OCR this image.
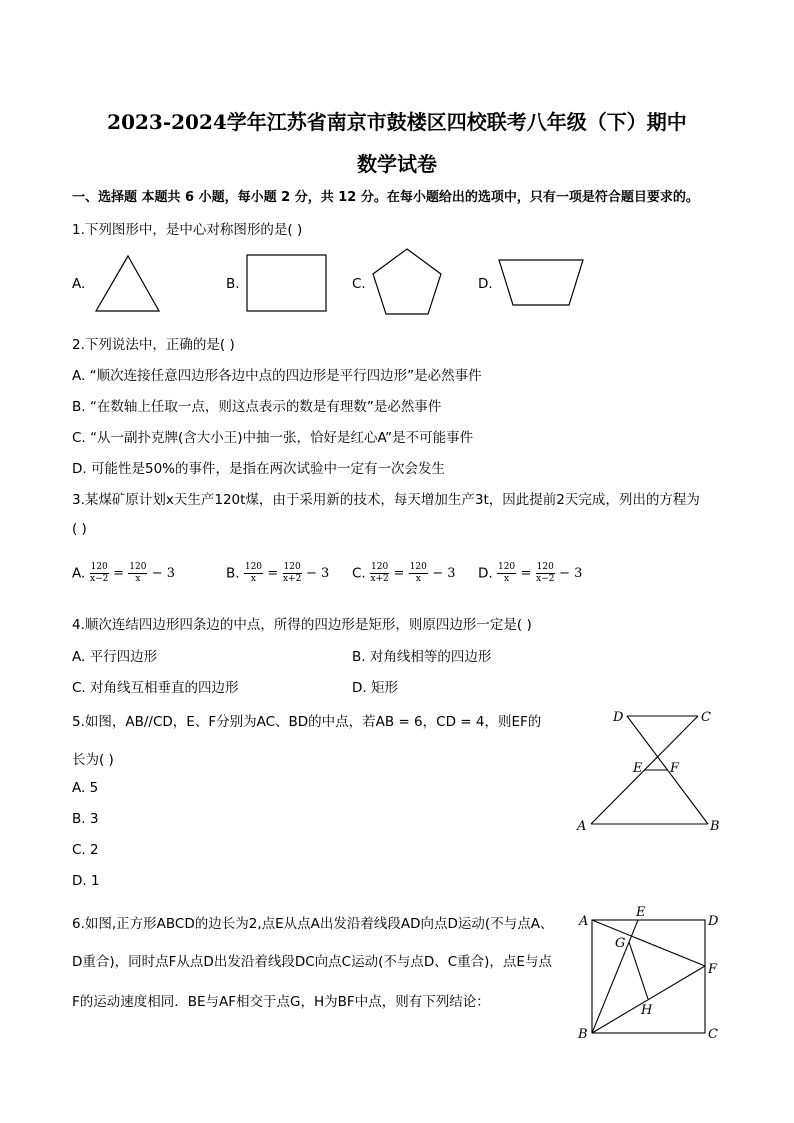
2023-2024学年江苏省南京市鼓楼区四校联考八年级（下）期中
数学试卷
一、选择题 本题共 6 小题，每小题 2 分，共 12 分。在每小题给出的选项中，只有一项是符合题目要求的。
1.下列图形中，是中心对称图形的是( )
A.	B.	C.	D.
2.下列说法中，正确的是( )
A. “顺次连接任意四边形各边中点的四边形是平行四边形”是必然事件
B. “在数轴上任取一点，则这点表示的数是有理数”是必然事件
C. “从一副扑克牌(含大小王)中抽一张，恰好是红心A”是不可能事件
D. 可能性是50%的事件，是指在两次试验中一定有一次会发生
3.某煤矿原计划x天生产120t煤，由于采用新的技术，每天增加生产3t，因此提前2天完成，列出的方程为
( )
A. $\frac{120}{x-2} = \frac{120}{x} - 3$	B. $\frac{120}{x} = \frac{120}{x+2} - 3$ C. $\frac{120}{x+2} = \frac{120}{x} - 3$ D. $\frac{120}{x} = \frac{120}{x-2} - 3$
4.顺次连结四边形四条边的中点，所得的四边形是矩形，则原四边形一定是( )
A. 平行四边形	B. 对角线相等的四边形
C. 对角线互相垂直的四边形	D. 矩形
5.如图，AB//CD，E、F分别为AC、BD的中点，若AB = 6，CD = 4，则EF的
长为( )
A. 5
B. 3
C. 2
D. 1
D	C
E F
A	B
6.如图,正方形ABCD的边长为2,点E从点A出发沿着线段AD向点D运动(不与点A、
D重合)，同时点F从点D出发沿着线段DC向点C运动(不与点D、C重合)，点E与点
F的运动速度相同．BE与AF相交于点G，H为BF中点，则有下列结论：
A
E
D
G
F
H
B	C
